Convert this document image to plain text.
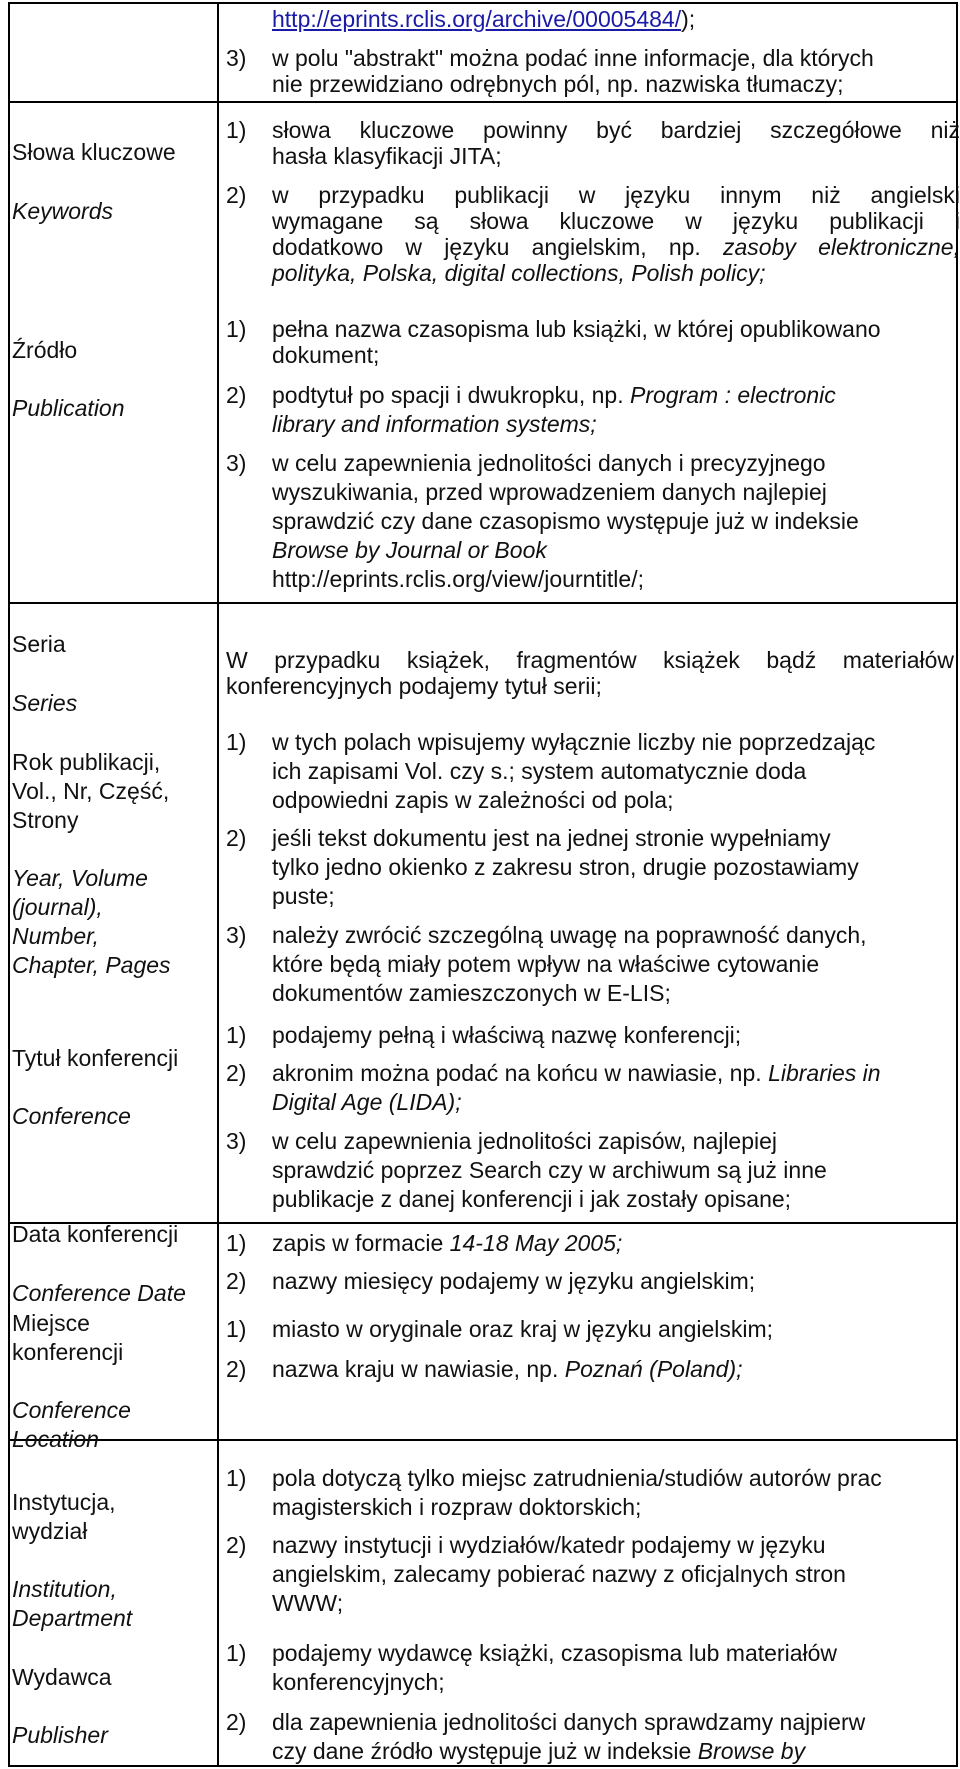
Słowa kluczowe
Keywords
Źródło
Publication
Seria
Series
Rok publikacji,
Vol., Nr, Część,
Strony
Year, Volume
(journal),
Number,
Chapter, Pages
Tytuł konferencji
Conference
Data konferencji
Conference Date
Miejsce
konferencji
Conference
Location
Instytucja,
wydział
Institution,
Department
Wydawca
Publisher
http://eprints.rclis.org/archive/00005484/);
3) w polu "abstrakt" można podać inne informacje, dla których
nie przewidziano odrębnych pól, np. nazwiska tłumaczy;
1) słowa kluczowe powinny być bardziej szczegółowe niż
hasła klasyfikacji JITA;
2) w przypadku publikacji w języku innym niż angielski
wymagane są słowa kluczowe w języku publikacji i
dodatkowo w języku angielskim, np. zasoby elektroniczne,
polityka, Polska, digital collections, Polish policy;
1) pełna nazwa czasopisma lub książki, w której opublikowano
dokument;
2) podtytuł po spacji i dwukropku, np. Program : electronic
library and information systems;
3) w celu zapewnienia jednolitości danych i precyzyjnego
wyszukiwania, przed wprowadzeniem danych najlepiej
sprawdzić czy dane czasopismo występuje już w indeksie
Browse by Journal or Book
http://eprints.rclis.org/view/journtitle/;
W przypadku książek, fragmentów książek bądź materiałów
konferencyjnych podajemy tytuł serii;
1) w tych polach wpisujemy wyłącznie liczby nie poprzedzając
ich zapisami Vol. czy s.; system automatycznie doda
odpowiedni zapis w zależności od pola;
2) jeśli tekst dokumentu jest na jednej stronie wypełniamy
tylko jedno okienko z zakresu stron, drugie pozostawiamy
puste;
3) należy zwrócić szczególną uwagę na poprawność danych,
które będą miały potem wpływ na właściwe cytowanie
dokumentów zamieszczonych w E-LIS;
1) podajemy pełną i właściwą nazwę konferencji;
2) akronim można podać na końcu w nawiasie, np. Libraries in
Digital Age (LIDA);
3) w celu zapewnienia jednolitości zapisów, najlepiej
sprawdzić poprzez Search czy w archiwum są już inne
publikacje z danej konferencji i jak zostały opisane;
1) zapis w formacie 14-18 May 2005;
2) nazwy miesięcy podajemy w języku angielskim;
1) miasto w oryginale oraz kraj w języku angielskim;
2) nazwa kraju w nawiasie, np. Poznań (Poland);
1) pola dotyczą tylko miejsc zatrudnienia/studiów autorów prac
magisterskich i rozpraw doktorskich;
2) nazwy instytucji i wydziałów/katedr podajemy w języku
angielskim, zalecamy pobierać nazwy z oficjalnych stron
WWW;
1) podajemy wydawcę książki, czasopisma lub materiałów
konferencyjnych;
2) dla zapewnienia jednolitości danych sprawdzamy najpierw
czy dane źródło występuje już w indeksie Browse by
